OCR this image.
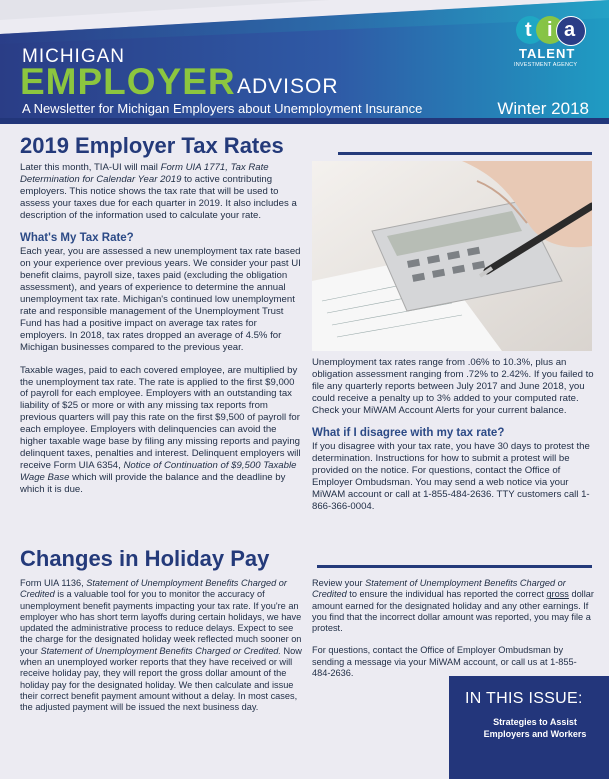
MICHIGAN
EMPLOYER ADVISOR
A Newsletter for Michigan Employers about Unemployment Insurance	Winter 2018
t i a
TALENT
INVESTMENT AGENCY
2019 Employer Tax Rates

Later this month, TIA-UI will mail Form UIA 1771, Tax Rate Determination for Calendar Year 2019 to active contributing employers. This notice shows the tax rate that will be used to assess your taxes due for each quarter in 2019. It also includes a description of the information used to calculate your rate.

What's My Tax Rate?

Each year, you are assessed a new unemployment tax rate based on your experience over previous years. We consider your past UI benefit claims, payroll size, taxes paid (excluding the obligation assessment), and years of experience to determine the annual unemployment tax rate. Michigan's continued low unemployment rate and responsible management of the Unemployment Trust Fund has had a positive impact on average tax rates for employers. In 2018, tax rates dropped an average of 4.5% for Michigan businesses compared to the previous year.

Taxable wages, paid to each covered employee, are multiplied by the unemployment tax rate. The rate is applied to the first $9,000 of payroll for each employee. Employers with an outstanding tax liability of $25 or more or with any missing tax reports from previous quarters will pay this rate on the first $9,500 of payroll for each employee. Employers with delinquencies can avoid the higher taxable wage base by filing any missing reports and paying delinquent taxes, penalties and interest. Delinquent employers will receive Form UIA 6354, Notice of Continuation of $9,500 Taxable Wage Base which will provide the balance and the deadline by which it is due.

Unemployment tax rates range from .06% to 10.3%, plus an obligation assessment ranging from .72% to 2.42%. If you failed to file any quarterly reports between July 2017 and June 2018, you could receive a penalty up to 3% added to your computed rate. Check your MiWAM Account Alerts for your current balance.

What if I disagree with my tax rate?

If you disagree with your tax rate, you have 30 days to protest the determination. Instructions for how to submit a protest will be provided on the notice. For questions, contact the Office of Employer Ombudsman. You may send a web notice via your MiWAM account or call at 1-855-484-2636. TTY customers call 1-866-366-0004.

Changes in Holiday Pay

Form UIA 1136, Statement of Unemployment Benefits Charged or Credited is a valuable tool for you to monitor the accuracy of unemployment benefit payments impacting your tax rate. If you're an employer who has short term layoffs during certain holidays, we have updated the administrative process to reduce delays. Expect to see the charge for the designated holiday week reflected much sooner on your Statement of Unemployment Benefits Charged or Credited. Now when an unemployed worker reports that they have received or will receive holiday pay, they will report the gross dollar amount of the holiday pay for the designated holiday. We then calculate and issue their correct benefit payment amount without a delay. In most cases, the adjusted payment will be issued the next business day.

Review your Statement of Unemployment Benefits Charged or Credited to ensure the individual has reported the correct gross dollar amount earned for the designated holiday and any other earnings. If you find that the incorrect dollar amount was reported, you may file a protest.

For questions, contact the Office of Employer Ombudsman by sending a message via your MiWAM account, or call us at 1-855-484-2636.

IN THIS ISSUE:
Strategies to Assist Employers and Workers
